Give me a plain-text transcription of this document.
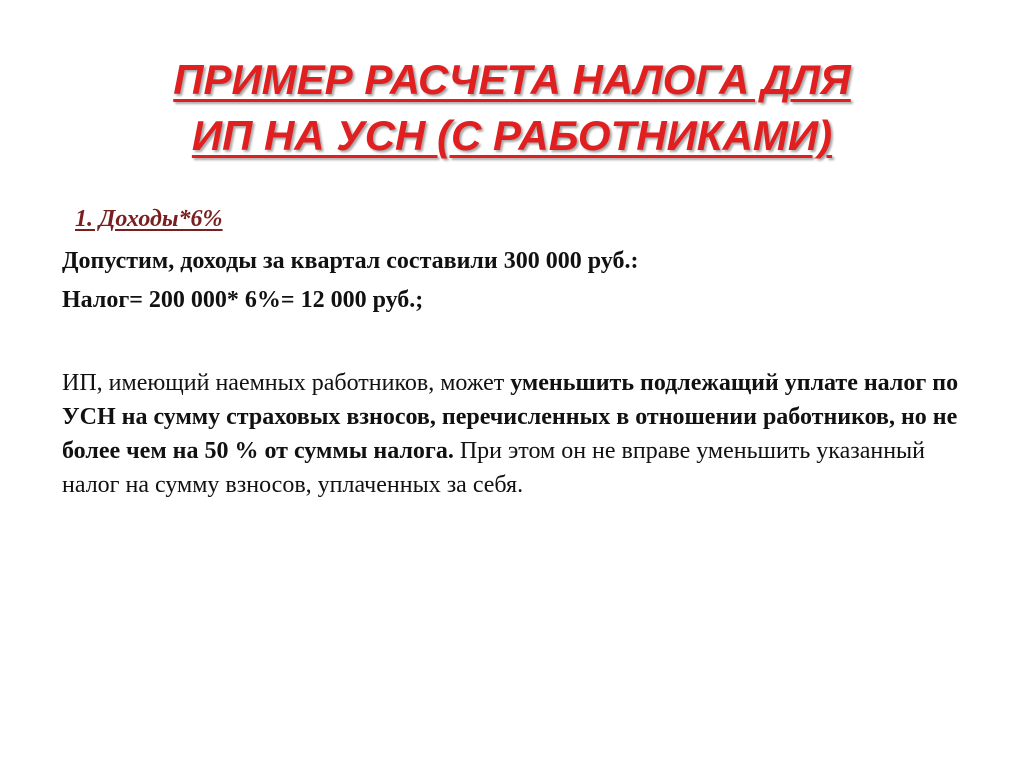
ПРИМЕР РАСЧЕТА НАЛОГА ДЛЯ
ИП НА УСН (С РАБОТНИКАМИ)
1. Доходы*6%
Допустим, доходы за квартал составили 300 000 руб.:
Налог= 200 000* 6%= 12 000 руб.;
ИП, имеющий наемных работников, может уменьшить подлежащий уплате налог по УСН на сумму страховых взносов, перечисленных в отношении работников, но не более чем на 50 % от суммы налога. При этом он не вправе уменьшить указанный налог на сумму взносов, уплаченных за себя.
